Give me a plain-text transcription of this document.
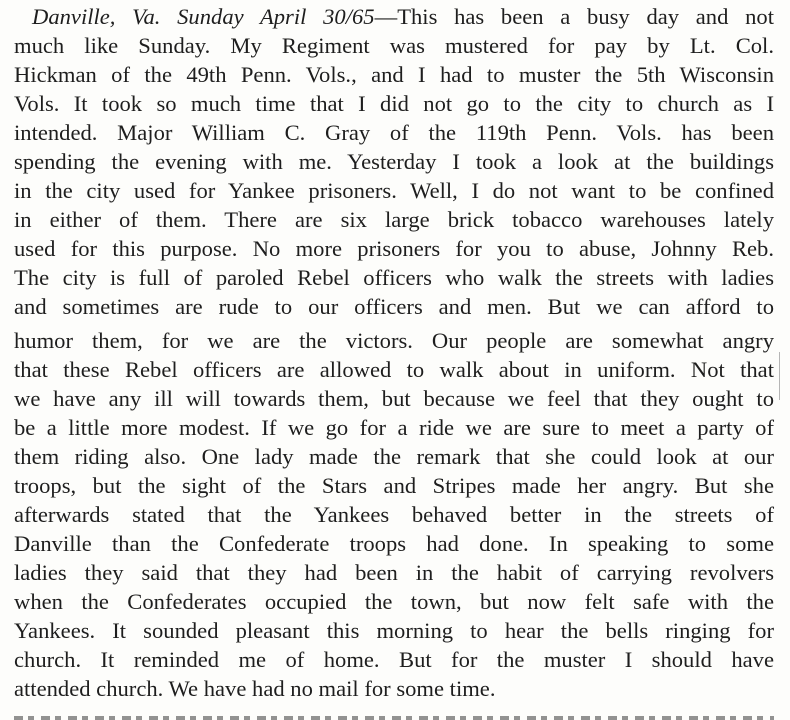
Danville, Va. Sunday April 30/65—This has been a busy day and not
much like Sunday. My Regiment was mustered for pay by Lt. Col.
Hickman of the 49th Penn. Vols., and I had to muster the 5th Wisconsin
Vols. It took so much time that I did not go to the city to church as I
intended. Major William C. Gray of the 119th Penn. Vols. has been
spending the evening with me. Yesterday I took a look at the buildings
in the city used for Yankee prisoners. Well, I do not want to be confined
in either of them. There are six large brick tobacco warehouses lately
used for this purpose. No more prisoners for you to abuse, Johnny Reb.
The city is full of paroled Rebel officers who walk the streets with ladies
and sometimes are rude to our officers and men. But we can afford to
humor them, for we are the victors. Our people are somewhat angry
that these Rebel officers are allowed to walk about in uniform. Not that
we have any ill will towards them, but because we feel that they ought to
be a little more modest. If we go for a ride we are sure to meet a party of
them riding also. One lady made the remark that she could look at our
troops, but the sight of the Stars and Stripes made her angry. But she
afterwards stated that the Yankees behaved better in the streets of
Danville than the Confederate troops had done. In speaking to some
ladies they said that they had been in the habit of carrying revolvers
when the Confederates occupied the town, but now felt safe with the
Yankees. It sounded pleasant this morning to hear the bells ringing for
church. It reminded me of home. But for the muster I should have
attended church. We have had no mail for some time.
